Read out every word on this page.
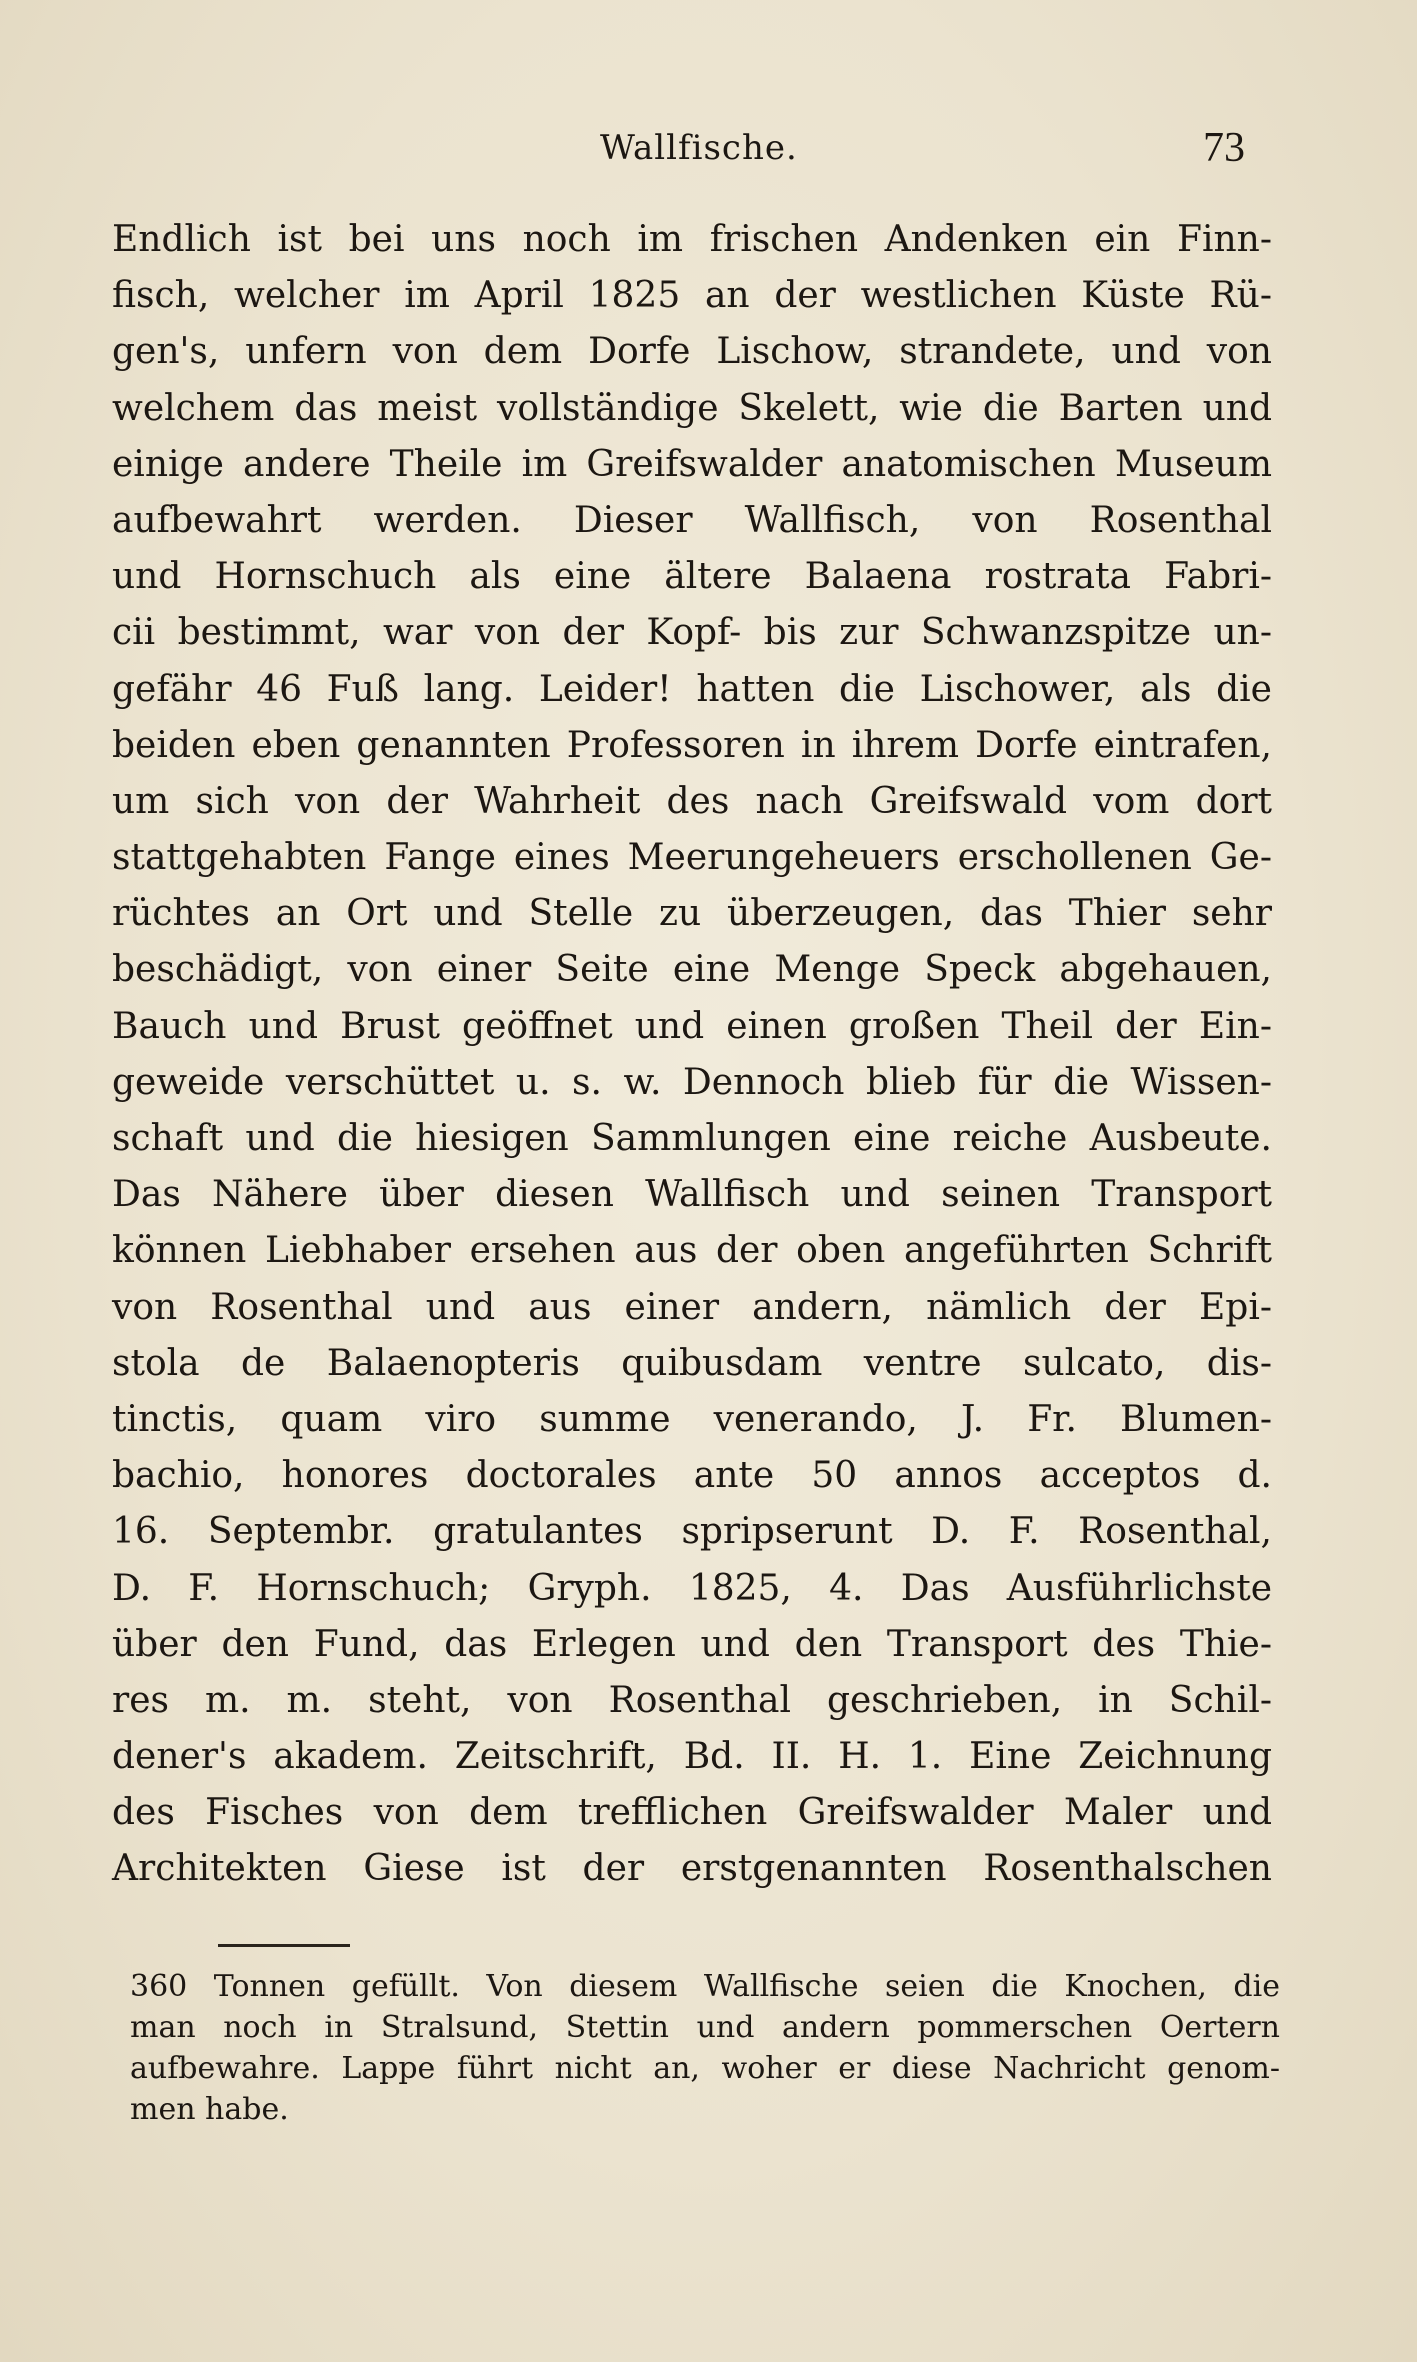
Wallfische.	73
Endlich ist bei uns noch im frischen Andenken ein Finn-
fisch, welcher im April 1825 an der westlichen Küste Rü-
gen's, unfern von dem Dorfe Lischow, strandete, und von
welchem das meist vollständige Skelett, wie die Barten und
einige andere Theile im Greifswalder anatomischen Museum
aufbewahrt werden. Dieser Wallfisch, von Rosenthal
und Hornschuch als eine ältere Balaena rostrata Fabri-
cii bestimmt, war von der Kopf- bis zur Schwanzspitze un-
gefähr 46 Fuß lang. Leider! hatten die Lischower, als die
beiden eben genannten Professoren in ihrem Dorfe eintrafen,
um sich von der Wahrheit des nach Greifswald vom dort
stattgehabten Fange eines Meerungeheuers erschollenen Ge-
rüchtes an Ort und Stelle zu überzeugen, das Thier sehr
beschädigt, von einer Seite eine Menge Speck abgehauen,
Bauch und Brust geöffnet und einen großen Theil der Ein-
geweide verschüttet u. s. w. Dennoch blieb für die Wissen-
schaft und die hiesigen Sammlungen eine reiche Ausbeute.
Das Nähere über diesen Wallfisch und seinen Transport
können Liebhaber ersehen aus der oben angeführten Schrift
von Rosenthal und aus einer andern, nämlich der Epi-
stola de Balaenopteris quibusdam ventre sulcato, dis-
tinctis, quam viro summe venerando, J. Fr. Blumen-
bachio, honores doctorales ante 50 annos acceptos d.
16. Septembr. gratulantes spripserunt D. F. Rosenthal,
D. F. Hornschuch; Gryph. 1825, 4. Das Ausführlichste
über den Fund, das Erlegen und den Transport des Thie-
res m. m. steht, von Rosenthal geschrieben, in Schil-
dener's akadem. Zeitschrift, Bd. II. H. 1. Eine Zeichnung
des Fisches von dem trefflichen Greifswalder Maler und
Architekten Giese ist der erstgenannten Rosenthalschen
360 Tonnen gefüllt. Von diesem Wallfische seien die Knochen, die
man noch in Stralsund, Stettin und andern pommerschen Oertern
aufbewahre. Lappe führt nicht an, woher er diese Nachricht genom-
men habe.
